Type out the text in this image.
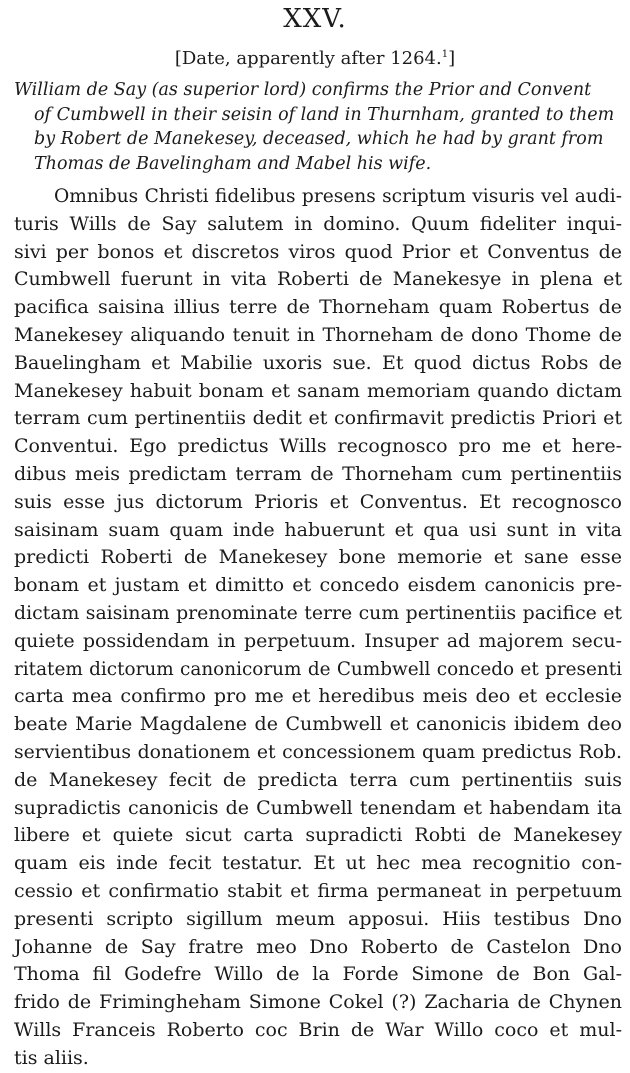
XXV.
[Date, apparently after 1264.$^1$]
William de Say (as superior lord) confirms the Prior and Convent
of Cumbwell in their seisin of land in Thurnham, granted to them
by Robert de Manekesey, deceased, which he had by grant from
Thomas de Bavelingham and Mabel his wife.
Omnibus Christi fidelibus presens scriptum visuris vel audi-
turis Wills de Say salutem in domino. Quum fideliter inqui-
sivi per bonos et discretos viros quod Prior et Conventus de
Cumbwell fuerunt in vita Roberti de Manekesye in plena et
pacifica saisina illius terre de Thorneham quam Robertus de
Manekesey aliquando tenuit in Thorneham de dono Thome de
Bauelingham et Mabilie uxoris sue. Et quod dictus Robs de
Manekesey habuit bonam et sanam memoriam quando dictam
terram cum pertinentiis dedit et confirmavit predictis Priori et
Conventui. Ego predictus Wills recognosco pro me et here-
dibus meis predictam terram de Thorneham cum pertinentiis
suis esse jus dictorum Prioris et Conventus. Et recognosco
saisinam suam quam inde habuerunt et qua usi sunt in vita
predicti Roberti de Manekesey bone memorie et sane esse
bonam et justam et dimitto et concedo eisdem canonicis pre-
dictam saisinam prenominate terre cum pertinentiis pacifice et
quiete possidendam in perpetuum. Insuper ad majorem secu-
ritatem dictorum canonicorum de Cumbwell concedo et presenti
carta mea confirmo pro me et heredibus meis deo et ecclesie
beate Marie Magdalene de Cumbwell et canonicis ibidem deo
servientibus donationem et concessionem quam predictus Rob.
de Manekesey fecit de predicta terra cum pertinentiis suis
supradictis canonicis de Cumbwell tenendam et habendam ita
libere et quiete sicut carta supradicti Robti de Manekesey
quam eis inde fecit testatur. Et ut hec mea recognitio con-
cessio et confirmatio stabit et firma permaneat in perpetuum
presenti scripto sigillum meum apposui. Hiis testibus Dno
Johanne de Say fratre meo Dno Roberto de Castelon Dno
Thoma fil Godefre Willo de la Forde Simone de Bon Gal-
frido de Friminghеham Simone Cokel (?) Zacharia de Chynen
Wills Franceis Roberto coc Brin de War Willo coco et mul-
tis aliis.
